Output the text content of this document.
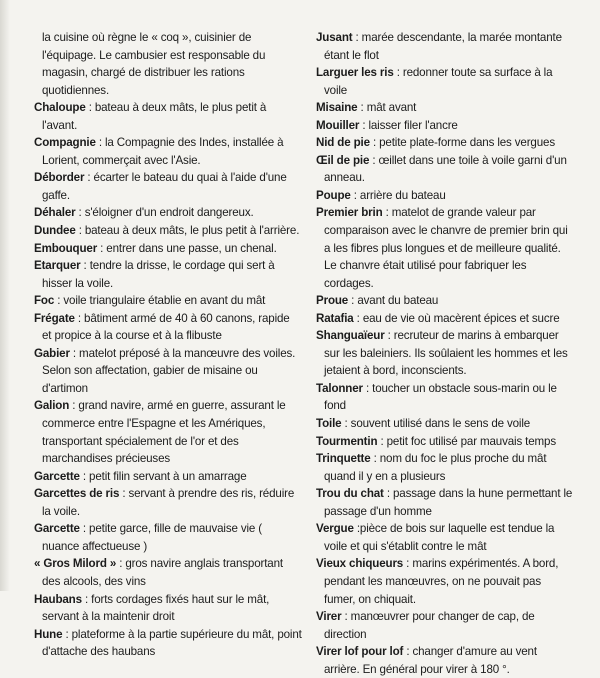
la cuisine où règne le « coq », cuisinier de l'équipage. Le cambusier est responsable du magasin, chargé de distribuer les rations quotidiennes.

Chaloupe : bateau à deux mâts, le plus petit à l'avant.

Compagnie : la Compagnie des Indes, installée à Lorient, commerçait avec l'Asie.

Déborder : écarter le bateau du quai à l'aide d'une gaffe.

Déhaler : s'éloigner d'un endroit dangereux.

Dundee : bateau à deux mâts, le plus petit à l'arrière.

Embouquer : entrer dans une passe, un chenal.

Etarquer : tendre la drisse, le cordage qui sert à hisser la voile.

Foc : voile triangulaire établie en avant du mât

Frégate : bâtiment armé de 40 à 60 canons, rapide et propice à la course et à la flibuste

Gabier : matelot préposé à la manœuvre des voiles. Selon son affectation, gabier de misaine ou d'artimon

Galion : grand navire, armé en guerre, assurant le commerce entre l'Espagne et les Amériques, transportant spécialement de l'or et des marchandises précieuses

Garcette : petit filin servant à un amarrage

Garcettes de ris : servant à prendre des ris, réduire la voile.

Garcette : petite garce, fille de mauvaise vie ( nuance affectueuse )

« Gros Milord » : gros navire anglais transportant des alcools, des vins

Haubans : forts cordages fixés haut sur le mât, servant à la maintenir droit

Hune : plateforme à la partie supérieure du mât, point d'attache des haubans

Jusant : marée descendante, la marée montante étant le flot

Larguer les ris : redonner toute sa surface à la voile

Misaine : mât avant

Mouiller : laisser filer l'ancre

Nid de pie : petite plate-forme dans les vergues

Œil de pie : œillet dans une toile à voile garni d'un anneau.

Poupe : arrière du bateau

Premier brin : matelot de grande valeur par comparaison avec le chanvre de premier brin qui a les fibres plus longues et de meilleure qualité. Le chanvre était utilisé pour fabriquer les cordages.

Proue : avant du bateau

Ratafia : eau de vie où macèrent épices et sucre

Shanguaïeur : recruteur de marins à embarquer sur les baleiniers. Ils soûlaient les hommes et les jetaient à bord, inconscients.

Talonner : toucher un obstacle sous-marin ou le fond

Toile : souvent utilisé dans le sens de voile

Tourmentin : petit foc utilisé par mauvais temps

Trinquette : nom du foc le plus proche du mât quand il y en a plusieurs

Trou du chat : passage dans la hune permettant le passage d'un homme

Vergue :pièce de bois sur laquelle est tendue la voile et qui s'établit contre le mât

Vieux chiqueurs : marins expérimentés. A bord, pendant les manœuvres, on ne pouvait pas fumer, on chiquait.

Virer : manœuvrer pour changer de cap, de direction

Virer lof pour lof : changer d'amure au vent arrière. En général pour virer à 180 °.
